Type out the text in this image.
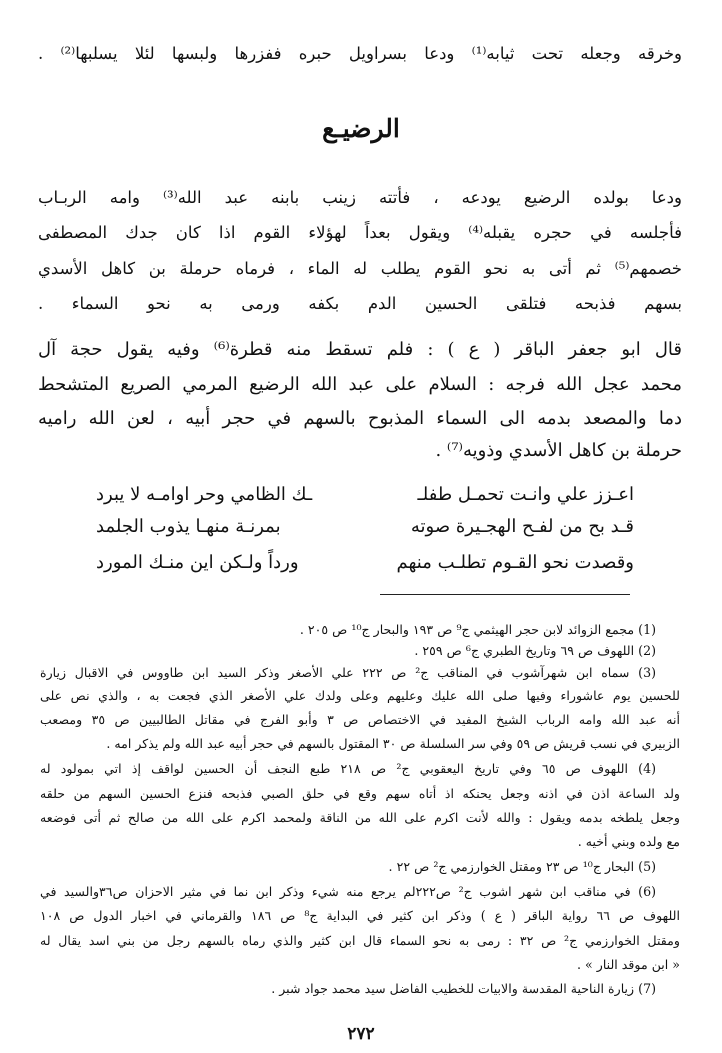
وخرقه وجعله تحت ثيابه⁽¹⁾ ودعا بسراويل حبره ففزرها ولبسها لئلا يسلبها⁽²⁾ .
الرضيـع
ودعا بولده الرضيع يودعه ، فأتته زينب بابنه عبد الله⁽³⁾ وامه الربـاب
فأجلسه في حجره يقبله⁽⁴⁾ ويقول بعداً لهؤلاء القوم اذا كان جدك المصطفى
خصمهم⁽⁵⁾ ثم أتى به نحو القوم يطلب له الماء ، فرماه حرملة بن كاهل الأسدي
بسهم فذبحه فتلقى الحسين الدم بكفه ورمى به نحو السماء .
قال ابو جعفر الباقر ( ع ) : فلم تسقط منه قطرة⁽⁶⁾ وفيه يقول حجة آل
محمد عجل الله فرجه : السلام على عبد الله الرضيع المرمي الصريع المتشحط
دما والمصعد بدمه الى السماء المذبوح بالسهم في حجر أبيه ، لعن الله راميه
حرملة بن كاهل الأسدي وذويه⁽⁷⁾ .
اعـزز علي وانـت تحمـل طفلـ
ـك الظامي وحر اوامـه لا يبرد
قـد بح من لفـح الهجـيرة صوته
بمرنـة منهـا يذوب الجلمد
وقصدت نحو القـوم تطلـب منهم
ورداً ولـكن اين منـك المورد
(1) مجمع الزوائد لابن حجر الهيثمي ج⁹ ص ١٩٣ والبحار ج¹⁰ ص ٢٠٥ .
(2) اللهوف ص ٦٩ وتاريخ الطبري ج⁶ ص ٢٥٩ .
(3) سماه ابن شهرآشوب في المناقب ج² ص ٢٢٢ علي الأصغر وذكر السيد ابن طاووس في الاقبال زيارة
للحسين يوم عاشوراء وفيها صلى الله عليك وعليهم وعلى ولدك علي الأصغر الذي فجعت به ، والذي نص على
أنه عبد الله وامه الرباب الشيخ المفيد في الاختصاص ص ٣ وأبو الفرج في مقاتل الطالبيين ص ٣٥ ومصعب
الزبيري في نسب قريش ص ٥٩ وفي سر السلسلة ص ٣٠ المقتول بالسهم في حجر أبيه عبد الله ولم يذكر امه .
(4) اللهوف ص ٦٥ وفي تاريخ اليعقوبي ج² ص ٢١٨ طبع النجف أن الحسين لواقف إذ اتي بمولود له
ولد الساعة اذن في اذنه وجعل يحنكه اذ أتاه سهم وقع في حلق الصبي فذبحه فنزع الحسين السهم من حلقه
وجعل يلطخه بدمه ويقول : والله لأنت اكرم على الله من الناقة ولمحمد اكرم على الله من صالح ثم أتى فوضعه
مع ولده وبني أخيه .
(5) البحار ج¹⁰ ص ٢٣ ومقتل الخوارزمي ج² ص ٢٢ .
(6) في مناقب ابن شهر اشوب ج² ص٢٢٢لم يرجع منه شيء وذكر ابن نما في مثير الاحزان ص٣٦والسيد في
اللهوف ص ٦٦ رواية الباقر ( ع ) وذكر ابن كثير في البداية ج⁸ ص ١٨٦ والقرماني في اخبار الدول ص ١٠٨
ومقتل الخوارزمي ج² ص ٣٢ : رمى به نحو السماء قال ابن كثير والذي رماه بالسهم رجل من بني اسد يقال له
« ابن موقد النار » .
(7) زيارة الناحية المقدسة والابيات للخطيب الفاضل سيد محمد جواد شبر .
٢٧٢
